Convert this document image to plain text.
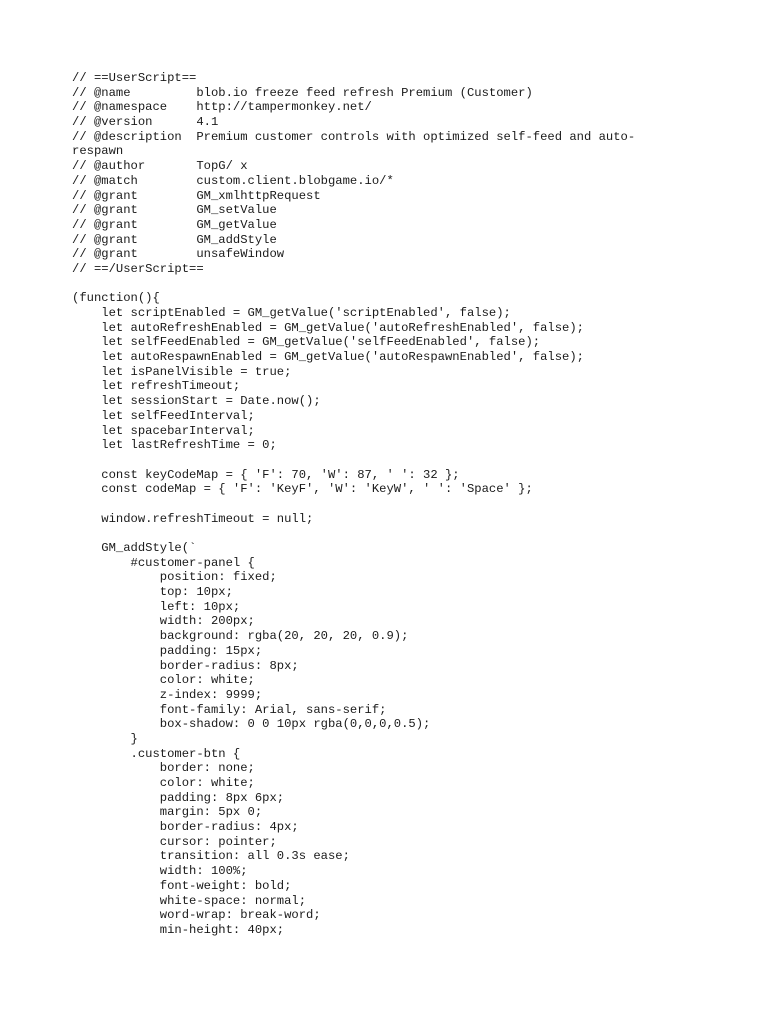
// ==UserScript==
// @name         blob.io freeze feed refresh Premium (Customer)
// @namespace    http://tampermonkey.net/
// @version      4.1
// @description  Premium customer controls with optimized self-feed and auto-
respawn
// @author       TopG/ x
// @match        custom.client.blobgame.io/*
// @grant        GM_xmlhttpRequest
// @grant        GM_setValue
// @grant        GM_getValue
// @grant        GM_addStyle
// @grant        unsafeWindow
// ==/UserScript==
(function(){
let scriptEnabled = GM_getValue('scriptEnabled', false);
let autoRefreshEnabled = GM_getValue('autoRefreshEnabled', false);
let selfFeedEnabled = GM_getValue('selfFeedEnabled', false);
let autoRespawnEnabled = GM_getValue('autoRespawnEnabled', false);
let isPanelVisible = true;
let refreshTimeout;
let sessionStart = Date.now();
let selfFeedInterval;
let spacebarInterval;
let lastRefreshTime = 0;
const keyCodeMap = { 'F': 70, 'W': 87, ' ': 32 };
const codeMap = { 'F': 'KeyF', 'W': 'KeyW', ' ': 'Space' };
window.refreshTimeout = null;
GM_addStyle(`
#customer-panel {
position: fixed;
top: 10px;
left: 10px;
width: 200px;
background: rgba(20, 20, 20, 0.9);
padding: 15px;
border-radius: 8px;
color: white;
z-index: 9999;
font-family: Arial, sans-serif;
box-shadow: 0 0 10px rgba(0,0,0,0.5);
}
.customer-btn {
border: none;
color: white;
padding: 8px 6px;
margin: 5px 0;
border-radius: 4px;
cursor: pointer;
transition: all 0.3s ease;
width: 100%;
font-weight: bold;
white-space: normal;
word-wrap: break-word;
min-height: 40px;
